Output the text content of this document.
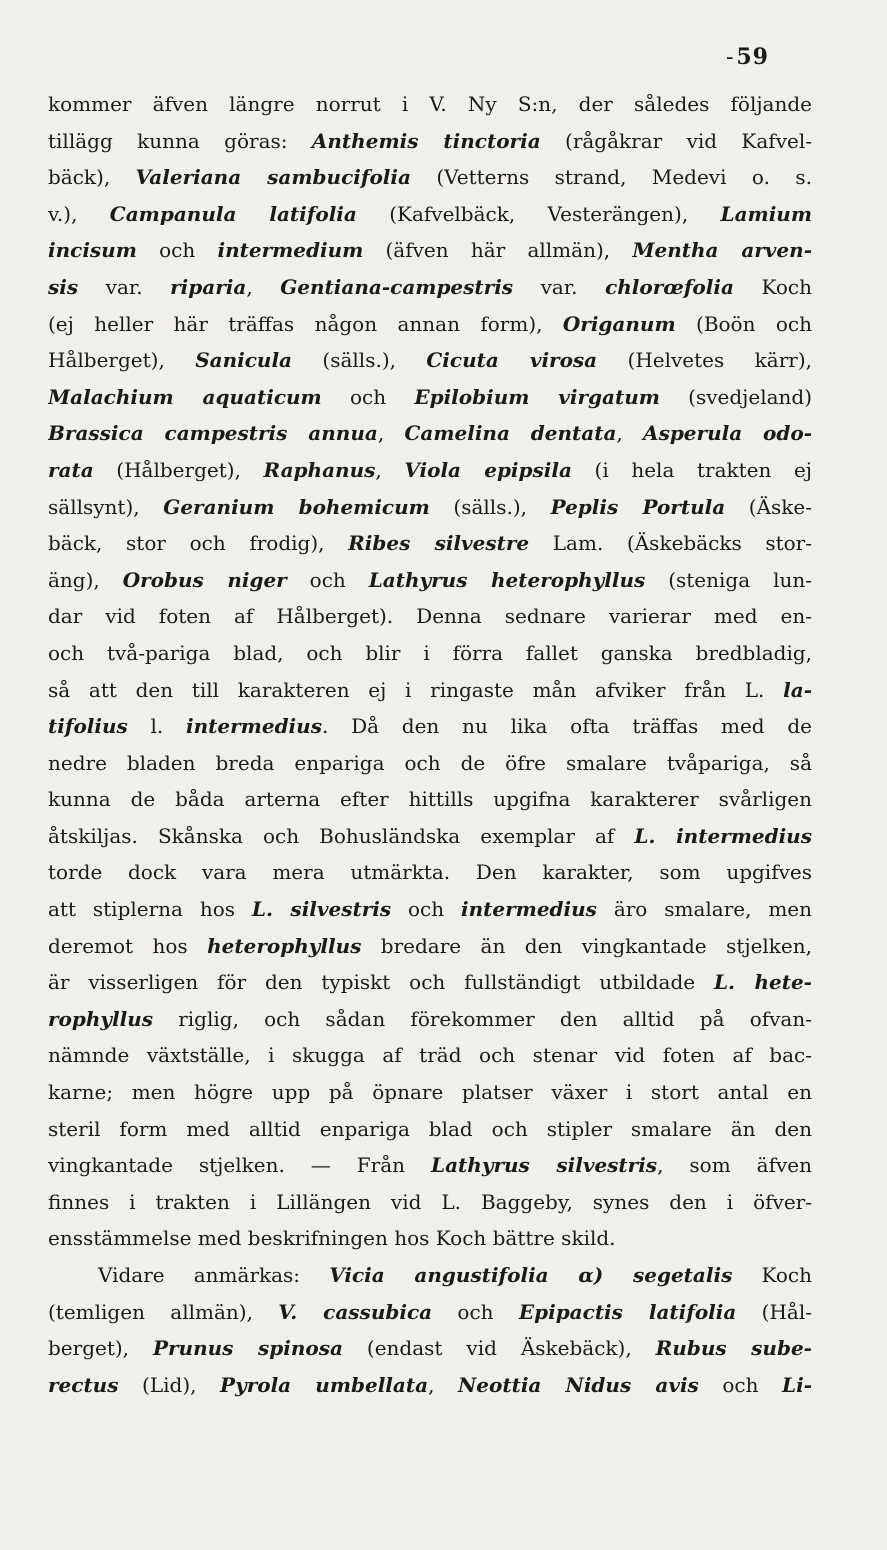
-59
kommer äfven längre norrut i V. Ny S:n, der således följande
tillägg kunna göras: Anthemis tinctoria (rågåkrar vid Kafvel-
bäck), Valeriana sambucifolia (Vetterns strand, Medevi o. s.
v.), Campanula latifolia (Kafvelbäck, Vesterängen), Lamium
incisum och intermedium (äfven här allmän), Mentha arven-
sis var. riparia, Gentiana-campestris var. chlorœfolia Koch
(ej heller här träffas någon annan form), Origanum (Boön och
Hålberget), Sanicula (sälls.), Cicuta virosa (Helvetes kärr),
Malachium aquaticum och Epilobium virgatum (svedjeland)
Brassica campestris annua, Camelina dentata, Asperula odo-
rata (Hålberget), Raphanus, Viola epipsila (i hela trakten ej
sällsynt), Geranium bohemicum (sälls.), Peplis Portula (Äske-
bäck, stor och frodig), Ribes silvestre Lam. (Äskebäcks stor-
äng), Orobus niger och Lathyrus heterophyllus (steniga lun-
dar vid foten af Hålberget). Denna sednare varierar med en-
och två-pariga blad, och blir i förra fallet ganska bredbladig,
så att den till karakteren ej i ringaste mån afviker från L. la-
tifolius l. intermedius. Då den nu lika ofta träffas med de
nedre bladen breda enpariga och de öfre smalare tvåpariga, så
kunna de båda arterna efter hittills upgifna karakterer svårligen
åtskiljas. Skånska och Bohusländska exemplar af L. intermedius
torde dock vara mera utmärkta. Den karakter, som upgifves
att stiplerna hos L. silvestris och intermedius äro smalare, men
deremot hos heterophyllus bredare än den vingkantade stjelken,
är visserligen för den typiskt och fullständigt utbildade L. hete-
rophyllus riglig, och sådan förekommer den alltid på ofvan-
nämnde växtställe, i skugga af träd och stenar vid foten af bac-
karne; men högre upp på öpnare platser växer i stort antal en
steril form med alltid enpariga blad och stipler smalare än den
vingkantade stjelken. — Från Lathyrus silvestris, som äfven
finnes i trakten i Lillängen vid L. Baggeby, synes den i öfver-
ensstämmelse med beskrifningen hos Koch bättre skild.
Vidare anmärkas: Vicia angustifolia α) segetalis Koch
(temligen allmän), V. cassubica och Epipactis latifolia (Hål-
berget), Prunus spinosa (endast vid Äskebäck), Rubus sube-
rectus (Lid), Pyrola umbellata, Neottia Nidus avis och Li-
